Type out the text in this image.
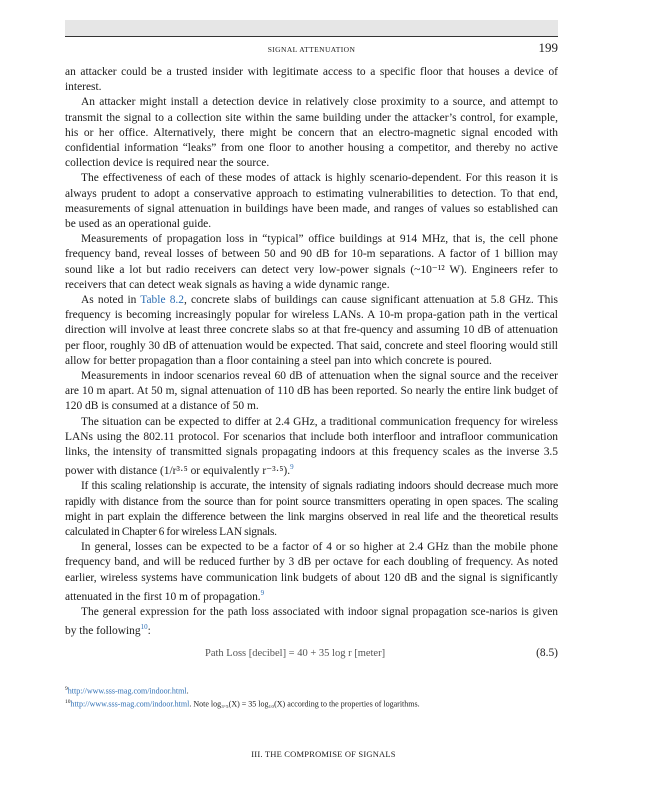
SIGNAL ATTENUATION	199

an attacker could be a trusted insider with legitimate access to a specific floor that houses a device of interest.

An attacker might install a detection device in relatively close proximity to a source, and attempt to transmit the signal to a collection site within the same building under the attacker’s control, for example, his or her office. Alternatively, there might be concern that an electro-magnetic signal encoded with confidential information “leaks” from one floor to another housing a competitor, and thereby no active collection device is required near the source.

The effectiveness of each of these modes of attack is highly scenario-dependent. For this reason it is always prudent to adopt a conservative approach to estimating vulnerabilities to detection. To that end, measurements of signal attenuation in buildings have been made, and ranges of values so established can be used as an operational guide.

Measurements of propagation loss in “typical” office buildings at 914 MHz, that is, the cell phone frequency band, reveal losses of between 50 and 90 dB for 10-m separations. A factor of 1 billion may sound like a lot but radio receivers can detect very low-power signals (~10⁻¹² W). Engineers refer to receivers that can detect weak signals as having a wide dynamic range.

As noted in Table 8.2, concrete slabs of buildings can cause significant attenuation at 5.8 GHz. This frequency is becoming increasingly popular for wireless LANs. A 10-m propa-gation path in the vertical direction will involve at least three concrete slabs so at that fre-quency and assuming 10 dB of attenuation per floor, roughly 30 dB of attenuation would be expected. That said, concrete and steel flooring would still allow for better propagation than a floor containing a steel pan into which concrete is poured.

Measurements in indoor scenarios reveal 60 dB of attenuation when the signal source and the receiver are 10 m apart. At 50 m, signal attenuation of 110 dB has been reported. So nearly the entire link budget of 120 dB is consumed at a distance of 50 m.

The situation can be expected to differ at 2.4 GHz, a traditional communication frequency for wireless LANs using the 802.11 protocol. For scenarios that include both interfloor and intrafloor communication links, the intensity of transmitted signals propagating indoors at this frequency scales as the inverse 3.5 power with distance (1/r³·⁵ or equivalently r⁻³·⁵).$^9$

If this scaling relationship is accurate, the intensity of signals radiating indoors should decrease much more rapidly with distance from the source than for point source transmitters operating in open spaces. The scaling might in part explain the difference between the link margins observed in real life and the theoretical results calculated in Chapter 6 for wireless LAN signals.

In general, losses can be expected to be a factor of 4 or so higher at 2.4 GHz than the mobile phone frequency band, and will be reduced further by 3 dB per octave for each doubling of frequency. As noted earlier, wireless systems have communication link budgets of about 120 dB and the signal is significantly attenuated in the first 10 m of propagation.$^9$

The general expression for the path loss associated with indoor signal propagation sce-narios is given by the following$^{10}$:

Path Loss [decibel] = 40 + 35 log r [meter]	(8.5)
$^9$http://www.sss-mag.com/indoor.html.
$^{10}$http://www.sss-mag.com/indoor.html. Note log₃.₅(X) = 35 log₁₀(X) according to the properties of logarithms.
III. THE COMPROMISE OF SIGNALS
